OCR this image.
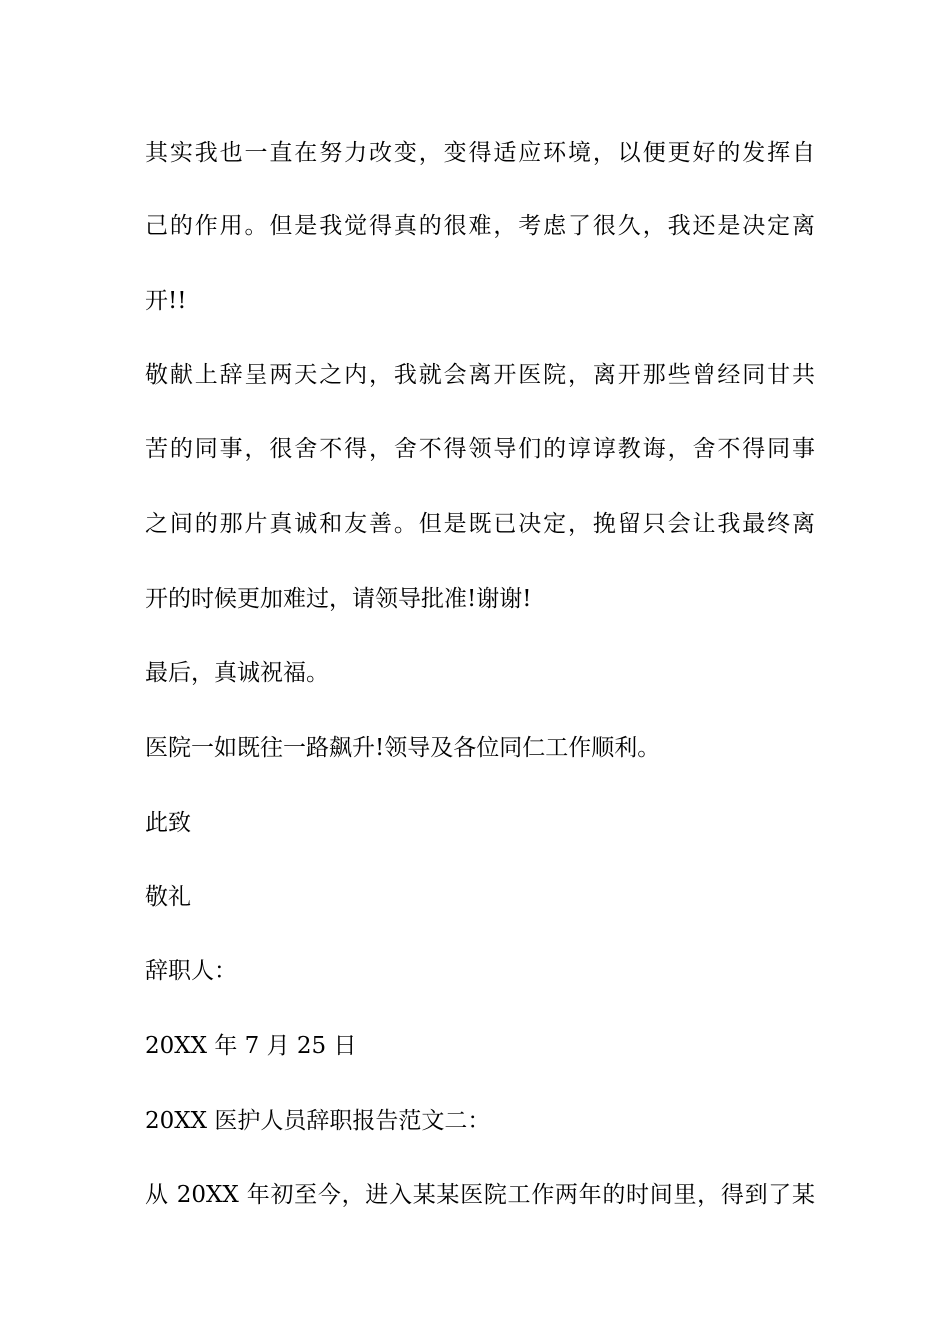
其实我也一直在努力改变，变得适应环境，以便更好的发挥自
己的作用。但是我觉得真的很难，考虑了很久，我还是决定离
开!!
敬献上辞呈两天之内，我就会离开医院，离开那些曾经同甘共
苦的同事，很舍不得，舍不得领导们的谆谆教诲，舍不得同事
之间的那片真诚和友善。但是既已决定，挽留只会让我最终离
开的时候更加难过，请领导批准!谢谢!
最后，真诚祝福。
医院一如既往一路飙升!领导及各位同仁工作顺利。
此致
敬礼
辞职人：
20XX 年 7 月 25 日
20XX 医护人员辞职报告范文二：
从 20XX 年初至今，进入某某医院工作两年的时间里，得到了某
